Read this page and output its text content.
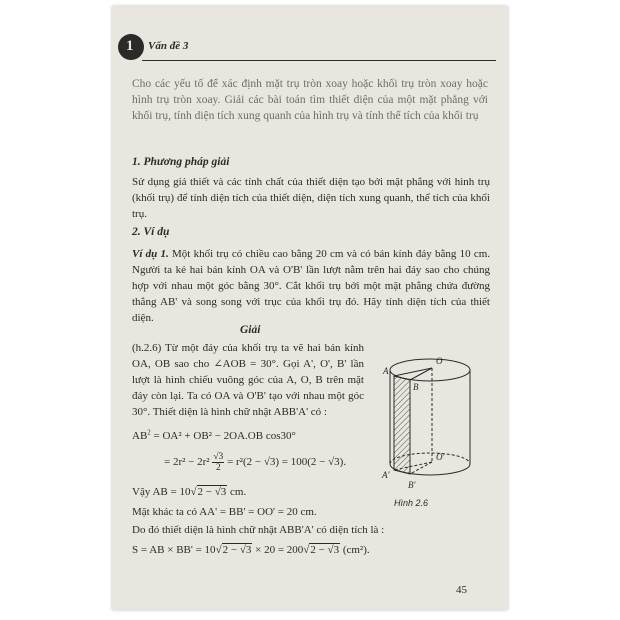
1 Vấn đề 3
Cho các yếu tố để xác định mặt trụ tròn xoay hoặc khối trụ tròn xoay hoặc hình trụ tròn xoay. Giải các bài toán tìm thiết diện của một mặt phẳng với khối trụ, tính diện tích xung quanh của hình trụ và tính thể tích của khối trụ
1. Phương pháp giải
Sử dụng giả thiết và các tính chất của thiết diện tạo bởi mặt phẳng với hình trụ (khối trụ) để tính diện tích của thiết diện, diện tích xung quanh, thể tích của khối trụ.
2. Ví dụ
Ví dụ 1. Một khối trụ có chiều cao bằng 20 cm và có bán kính đáy bằng 10 cm. Người ta kẻ hai bán kính OA và O'B' lần lượt nằm trên hai đáy sao cho chúng hợp với nhau một góc bằng 30°. Cắt khối trụ bởi một mặt phẳng chứa đường thẳng AB' và song song với trục của khối trụ đó. Hãy tính diện tích của thiết diện.
Giải
(h.2.6) Từ một đáy của khối trụ ta vẽ hai bán kính OA, OB sao cho ∠AOB = 30°. Gọi A', O', B' lần lượt là hình chiếu vuông góc của A, O, B trên mặt đáy còn lại. Ta có OA và O'B' tạo với nhau một góc 30°. Thiết diện là hình chữ nhật ABB'A' có :
$AB^2 = OA^2 + OB^2 - 2OA.OB$ cos30°
= $2r^2 - 2r^2 \frac{√3}{2} = r^2(2 - √3) = 100(2 - √3)$.
Vậy AB = 10√2 − √3 cm.
Mặt khác ta có AA' = BB' = OO' = 20 cm.
Do đó thiết diện là hình chữ nhật ABB'A' có diện tích là :
S = AB × BB' = 10√2 − √3 × 20 = 200√2 − √3 (cm²).
O
A
B
A'
O'
B'
Hình 2.6
45
